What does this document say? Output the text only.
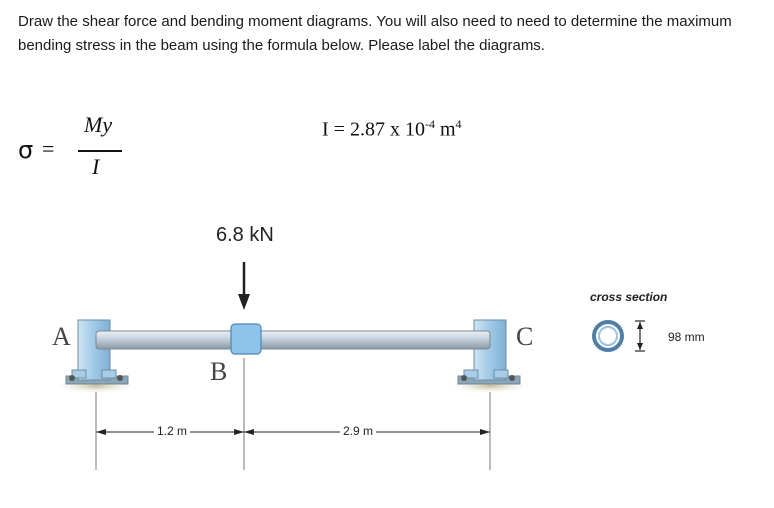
Draw the shear force and bending moment diagrams. You will also need to need to determine the maximum bending stress in the beam using the formula below. Please label the diagrams.
σ =
My
I
I = 2.87 x $10^{-4}$ $m^4$
6.8 kN
A
B
C
1.2 m	2.9 m
cross section
98 mm
